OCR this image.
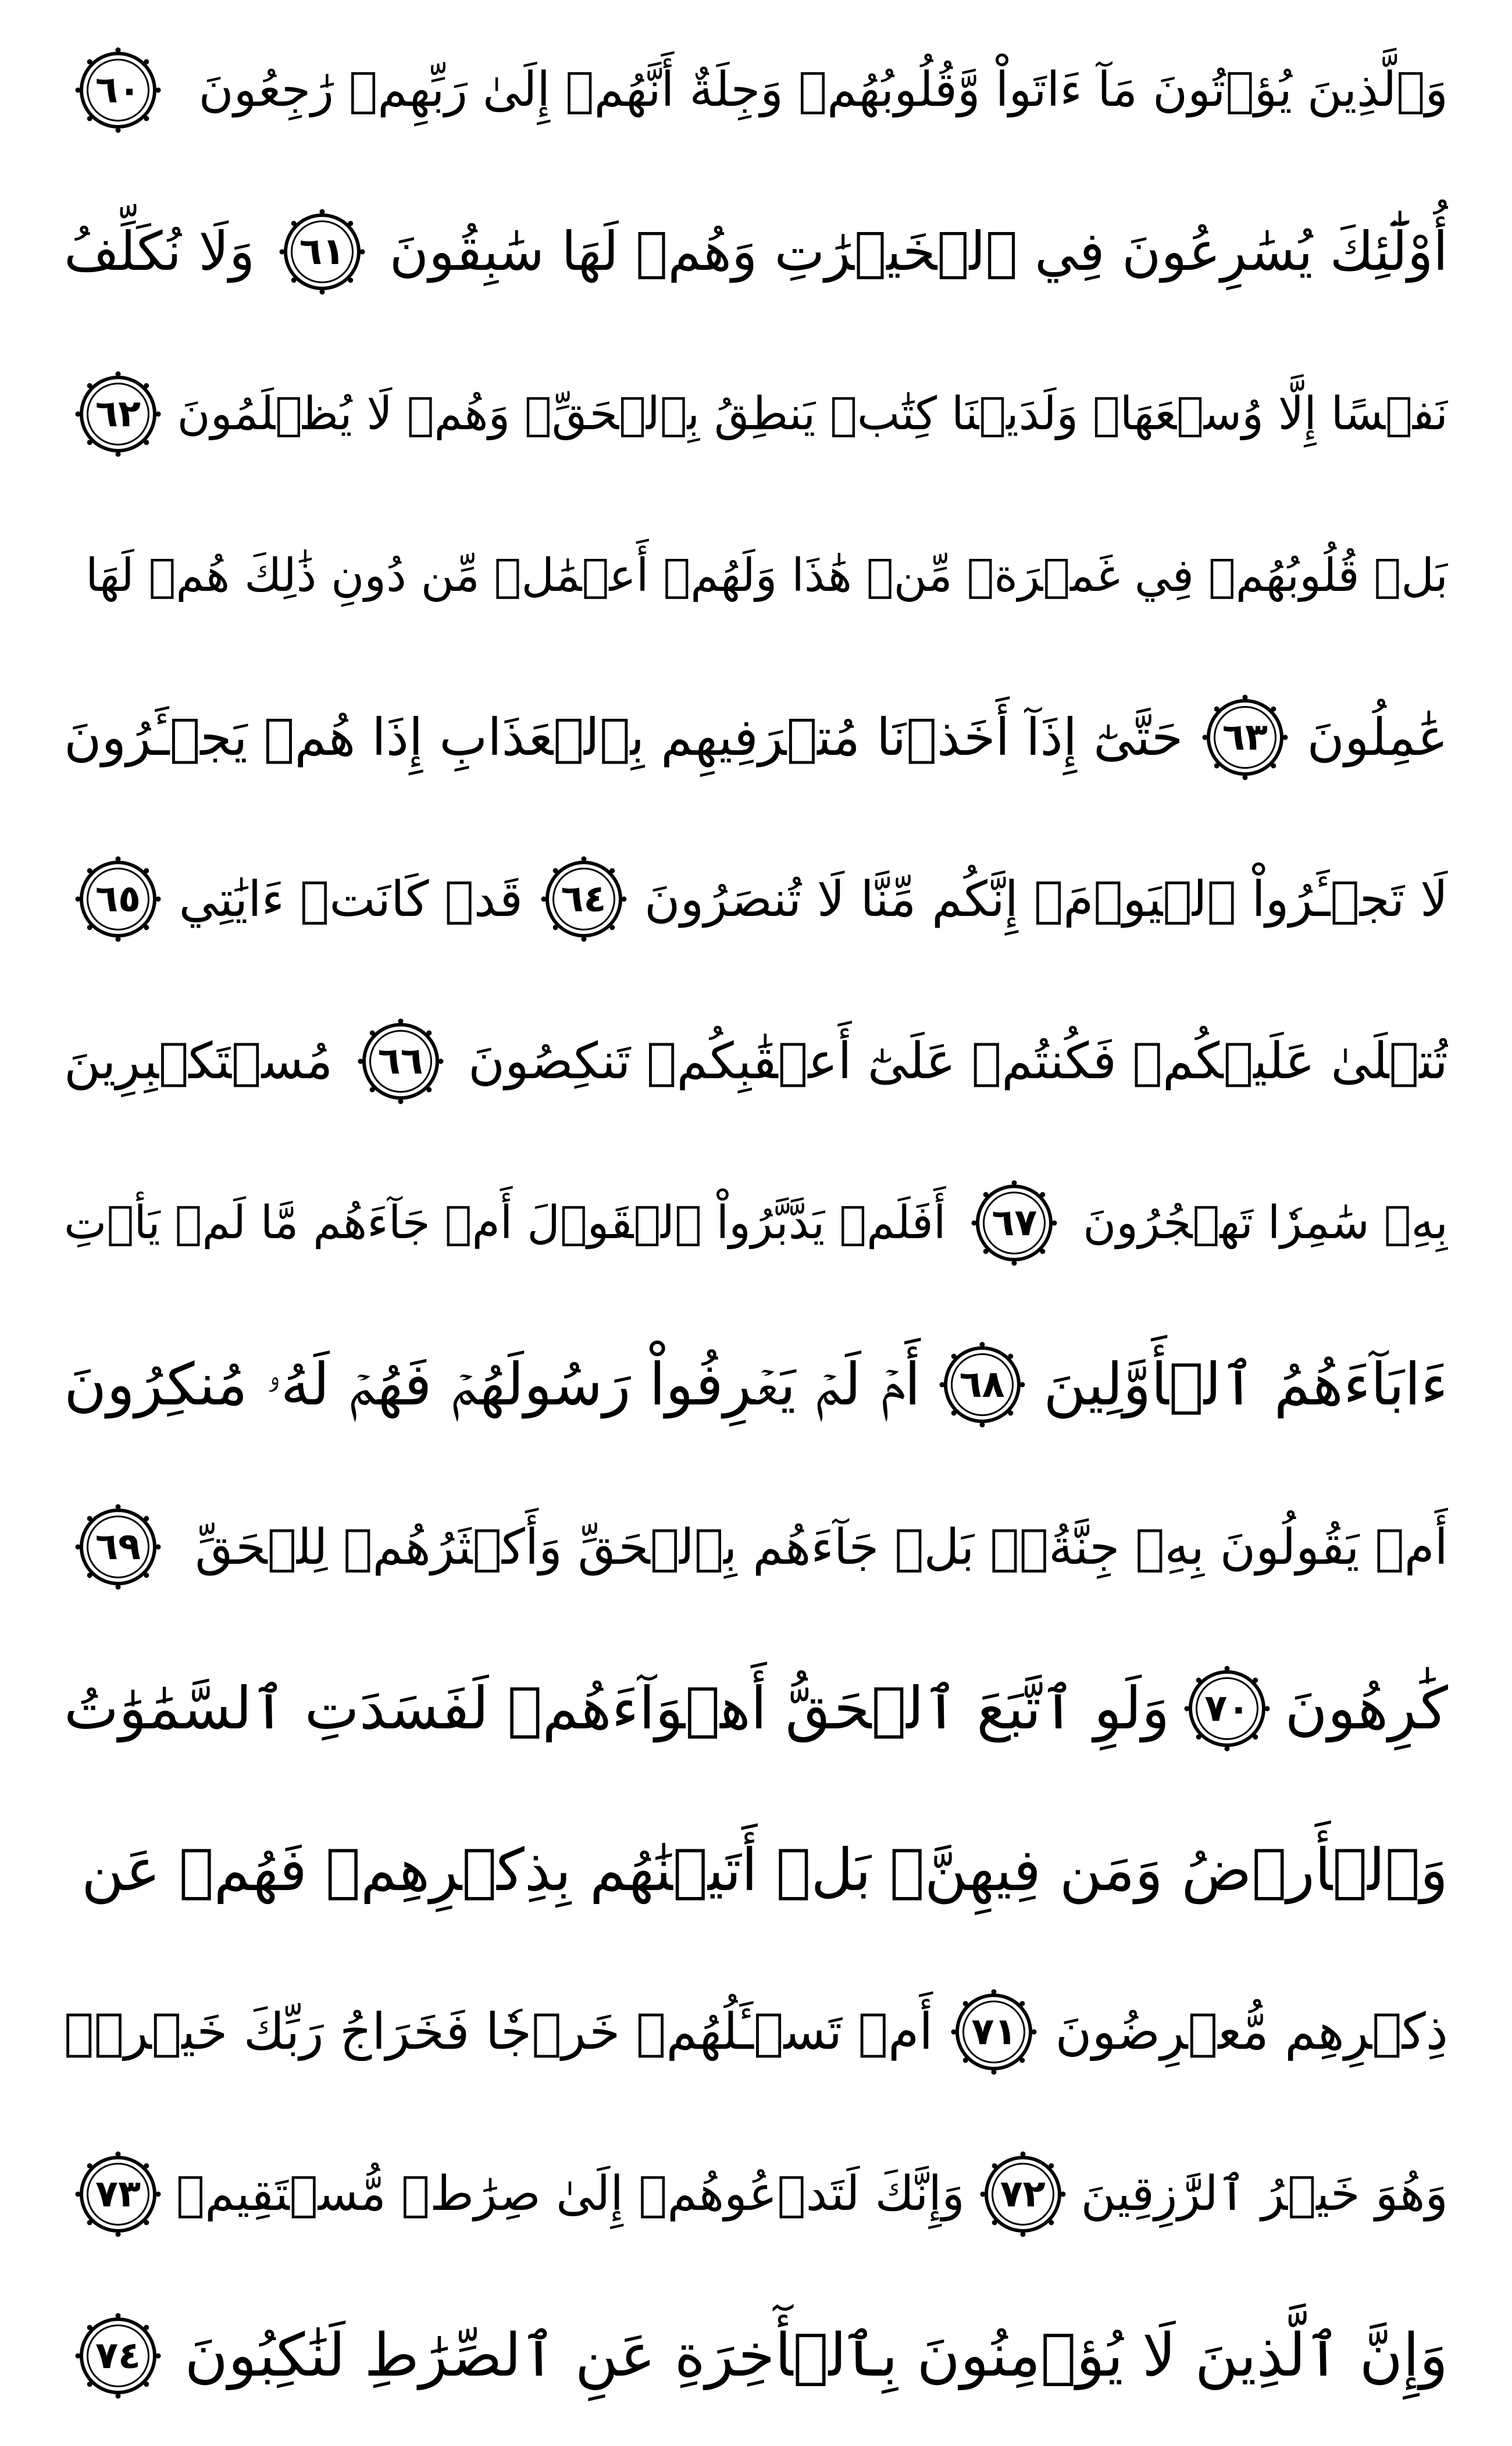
وَٱلَّذِينَ يُؤۡتُونَ مَآ ءَاتَواْ وَّقُلُوبُهُمۡ وَجِلَةٌ أَنَّهُمۡ إِلَىٰ رَبِّهِمۡ رَٰجِعُونَ
٦٠
أُوْلَٰٓئِكَ يُسَٰرِعُونَ فِي ٱلۡخَيۡرَٰتِ وَهُمۡ لَهَا سَٰبِقُونَ
٦١
وَلَا نُكَلِّفُ
نَفۡسًا إِلَّا وُسۡعَهَاۖ وَلَدَيۡنَا كِتَٰبٞ يَنطِقُ بِٱلۡحَقِّۚ وَهُمۡ لَا يُظۡلَمُونَ
٦٢
بَلۡ قُلُوبُهُمۡ فِي غَمۡرَةٖ مِّنۡ هَٰذَا وَلَهُمۡ أَعۡمَٰلٞ مِّن دُونِ ذَٰلِكَ هُمۡ لَهَا
عَٰمِلُونَ
٦٣
حَتَّىٰٓ إِذَآ أَخَذۡنَا مُتۡرَفِيهِم بِٱلۡعَذَابِ إِذَا هُمۡ يَجۡـَٔرُونَ
لَا تَجۡـَٔرُواْ ٱلۡيَوۡمَۖ إِنَّكُم مِّنَّا لَا تُنصَرُونَ
٦٤
قَدۡ كَانَتۡ ءَايَٰتِي
٦٥
تُتۡلَىٰ عَلَيۡكُمۡ فَكُنتُمۡ عَلَىٰٓ أَعۡقَٰبِكُمۡ تَنكِصُونَ
٦٦
مُسۡتَكۡبِرِينَ
بِهِۦ سَٰمِرٗا تَهۡجُرُونَ
٦٧
أَفَلَمۡ يَدَّبَّرُواْ ٱلۡقَوۡلَ أَمۡ جَآءَهُم مَّا لَمۡ يَأۡتِ
ءَابَآءَهُمُ ٱلۡأَوَّلِينَ
٦٨
أَمۡ لَمۡ يَعۡرِفُواْ رَسُولَهُمۡ فَهُمۡ لَهُۥ مُنكِرُونَ
أَمۡ يَقُولُونَ بِهِۦ جِنَّةُۢۚ بَلۡ جَآءَهُم بِٱلۡحَقِّ وَأَكۡثَرُهُمۡ لِلۡحَقِّ
٦٩
كَٰرِهُونَ
٧٠
وَلَوِ ٱتَّبَعَ ٱلۡحَقُّ أَهۡوَآءَهُمۡ لَفَسَدَتِ ٱلسَّمَٰوَٰتُ
وَٱلۡأَرۡضُ وَمَن فِيهِنَّۚ بَلۡ أَتَيۡنَٰهُم بِذِكۡرِهِمۡ فَهُمۡ عَن
ذِكۡرِهِم مُّعۡرِضُونَ
٧١
أَمۡ تَسۡـَٔلُهُمۡ خَرۡجٗا فَخَرَاجُ رَبِّكَ خَيۡرٞۖ
وَهُوَ خَيۡرُ ٱلرَّٰزِقِينَ
٧٢
وَإِنَّكَ لَتَدۡعُوهُمۡ إِلَىٰ صِرَٰطٖ مُّسۡتَقِيمٖ
٧٣
وَإِنَّ ٱلَّذِينَ لَا يُؤۡمِنُونَ بِٱلۡأٓخِرَةِ عَنِ ٱلصِّرَٰطِ لَنَٰكِبُونَ
٧٤
